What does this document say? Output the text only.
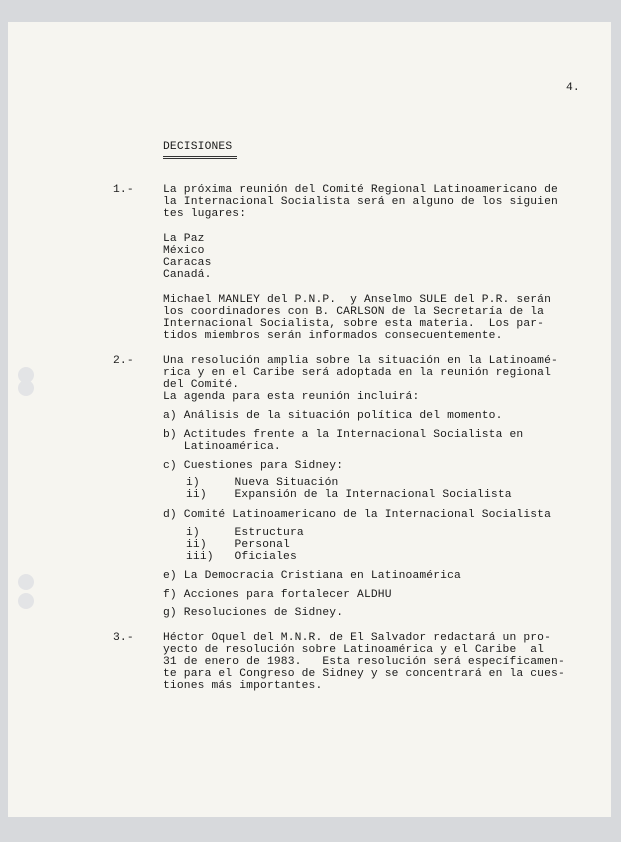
4.
DECISIONES
1.-	La próxima reunión del Comité Regional Latinoamericano de
la Internacional Socialista será en alguno de los siguien
tes lugares:
La Paz
México
Caracas
Canadá.
Michael MANLEY del P.N.P.  y Anselmo SULE del P.R. serán
los coordinadores con B. CARLSON de la Secretaría de la
Internacional Socialista, sobre esta materia.  Los par-
tidos miembros serán informados consecuentemente.
2.-	Una resolución amplia sobre la situación en la Latinoamé-
rica y en el Caribe será adoptada en la reunión regional
del Comité.
La agenda para esta reunión incluirá:
a) Análisis de la situación política del momento.
b) Actitudes frente a la Internacional Socialista en
Latinoamérica.
c) Cuestiones para Sidney:
i)     Nueva Situación
ii)    Expansión de la Internacional Socialista
d) Comité Latinoamericano de la Internacional Socialista
i)     Estructura
ii)    Personal
iii)   Oficiales
e) La Democracia Cristiana en Latinoamérica
f) Acciones para fortalecer ALDHU
g) Resoluciones de Sidney.
3.-	Héctor Oquel del M.N.R. de El Salvador redactará un pro-
yecto de resolución sobre Latinoamérica y el Caribe  al
31 de enero de 1983.   Esta resolución será específicamen-
te para el Congreso de Sidney y se concentrará en la cues-
tiones más importantes.
